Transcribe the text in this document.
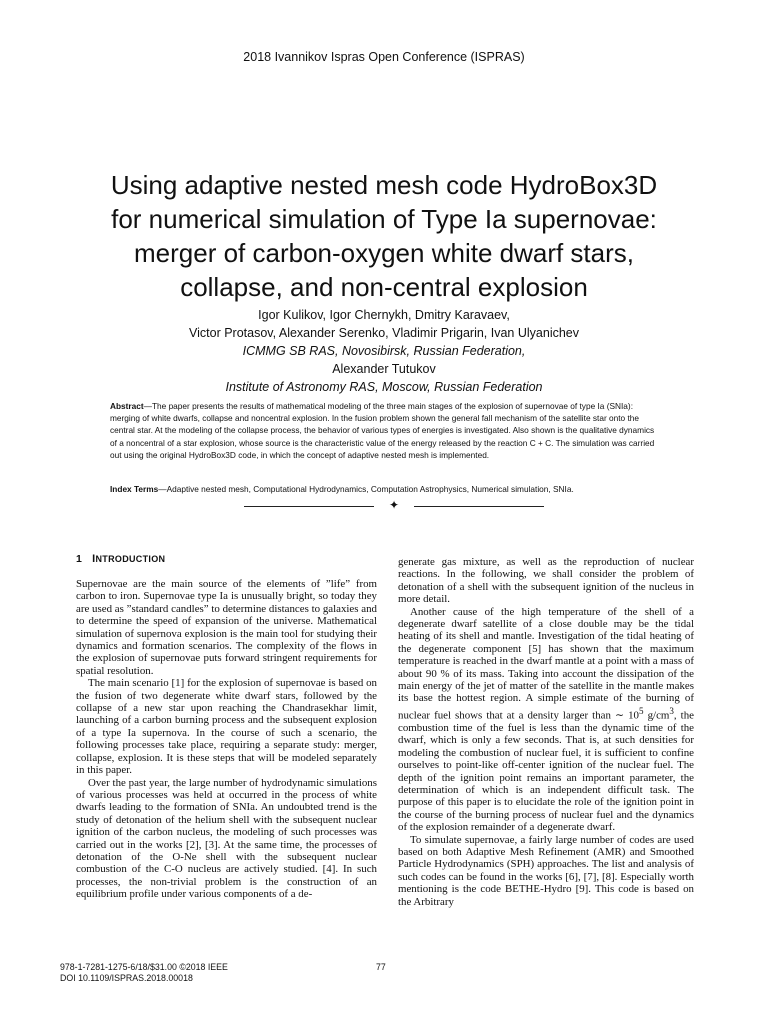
2018 Ivannikov Ispras Open Conference (ISPRAS)
Using adaptive nested mesh code HydroBox3D
for numerical simulation of Type Ia supernovae:
merger of carbon-oxygen white dwarf stars,
collapse, and non-central explosion
Igor Kulikov, Igor Chernykh, Dmitry Karavaev,
Victor Protasov, Alexander Serenko, Vladimir Prigarin, Ivan Ulyanichev
ICMMG SB RAS, Novosibirsk, Russian Federation,
Alexander Tutukov
Institute of Astronomy RAS, Moscow, Russian Federation
Abstract—The paper presents the results of mathematical modeling of the three main stages of the explosion of supernovae of type Ia (SNIa): merging of white dwarfs, collapse and noncentral explosion. In the fusion problem shown the general fall mechanism of the satellite star onto the central star. At the modeling of the collapse process, the behavior of various types of energies is investigated. Also shown is the qualitative dynamics of a noncentral of a star explosion, whose source is the characteristic value of the energy released by the reaction C + C. The simulation was carried out using the original HydroBox3D code, in which the concept of adaptive nested mesh is implemented.
Index Terms—Adaptive nested mesh, Computational Hydrodynamics, Computation Astrophysics, Numerical simulation, SNIa.
✦
1 INTRODUCTION

Supernovae are the main source of the elements of ”life” from carbon to iron. Supernovae type Ia is unusually bright, so today they are used as ”standard candles” to determine distances to galaxies and to determine the speed of expansion of the universe. Mathematical simulation of supernova explosion is the main tool for studying their dynamics and formation scenarios. The complexity of the flows in the explosion of supernovae puts forward stringent requirements for spatial resolution.

The main scenario [1] for the explosion of supernovae is based on the fusion of two degenerate white dwarf stars, followed by the collapse of a new star upon reaching the Chandrasekhar limit, launching of a carbon burning process and the subsequent explosion of a type Ia supernova. In the course of such a scenario, the following processes take place, requiring a separate study: merger, collapse, explosion. It is these steps that will be modeled separately in this paper.

Over the past year, the large number of hydrodynamic simulations of various processes was held at occurred in the process of white dwarfs leading to the formation of SNIa. An undoubted trend is the study of detonation of the helium shell with the subsequent nuclear ignition of the carbon nucleus, the modeling of such processes was carried out in the works [2], [3]. At the same time, the processes of detonation of the O-Ne shell with the subsequent nuclear combustion of the C-O nucleus are actively studied. [4]. In such processes, the non-trivial problem is the construction of an equilibrium profile under various components of a de-

generate gas mixture, as well as the reproduction of nuclear reactions. In the following, we shall consider the problem of detonation of a shell with the subsequent ignition of the nucleus in more detail.

Another cause of the high temperature of the shell of a degenerate dwarf satellite of a close double may be the tidal heating of its shell and mantle. Investigation of the tidal heating of the degenerate component [5] has shown that the maximum temperature is reached in the dwarf mantle at a point with a mass of about 90 % of its mass. Taking into account the dissipation of the main energy of the jet of matter of the satellite in the mantle makes its base the hottest region. A simple estimate of the burning of nuclear fuel shows that at a density larger than ∼ $10^5$ $g/cm^3$, the combustion time of the fuel is less than the dynamic time of the dwarf, which is only a few seconds. That is, at such densities for modeling the combustion of nuclear fuel, it is sufficient to confine ourselves to point-like off-center ignition of the nuclear fuel. The depth of the ignition point remains an important parameter, the determination of which is an independent difficult task. The purpose of this paper is to elucidate the role of the ignition point in the course of the burning process of nuclear fuel and the dynamics of the explosion remainder of a degenerate dwarf.

To simulate supernovae, a fairly large number of codes are used based on both Adaptive Mesh Refinement (AMR) and Smoothed Particle Hydrodynamics (SPH) approaches. The list and analysis of such codes can be found in the works [6], [7], [8]. Especially worth mentioning is the code BETHE-Hydro [9]. This code is based on the Arbitrary

978-1-7281-1275-6/18/$31.00 ©2018 IEEE
DOI 10.1109/ISPRAS.2018.00018
77
